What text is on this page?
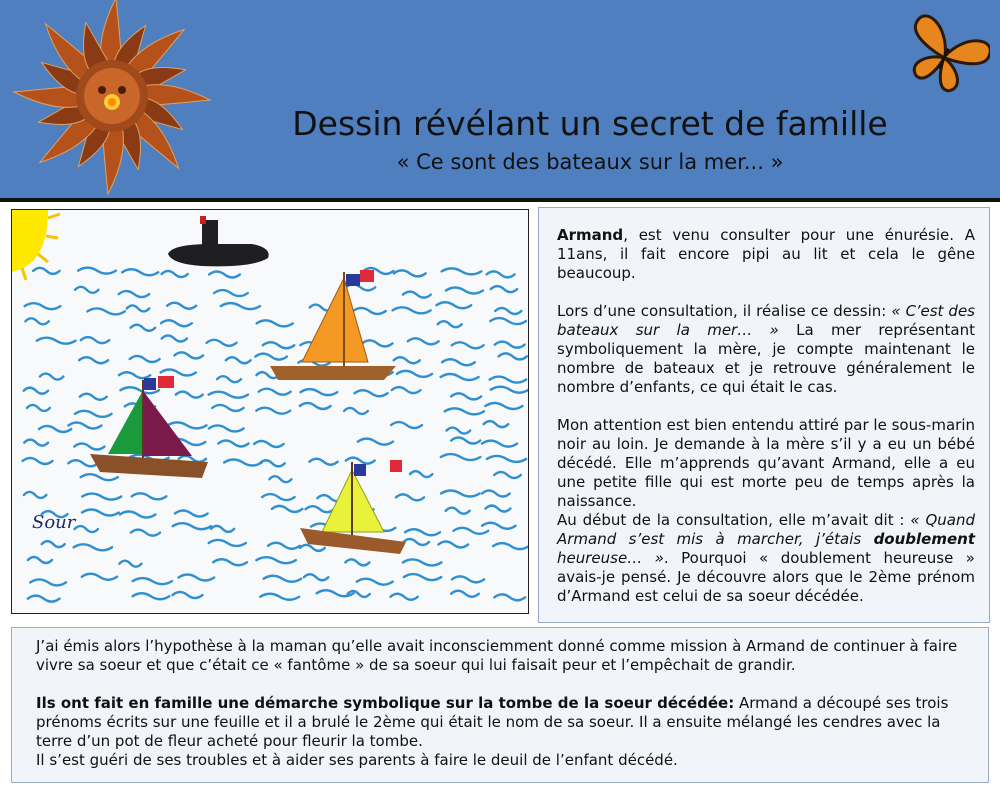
Dessin révélant un secret de famille
« Ce sont des bateaux sur la mer... »
Sour

Armand, est venu consulter pour une énurésie. A 11ans, il fait encore pipi au lit et cela le gêne beaucoup.

Lors d’une consultation, il réalise ce dessin: « C’est des bateaux sur la mer… » La mer représentant symboliquement la mère, je compte maintenant le nombre de bateaux et je retrouve généralement le nombre d’enfants, ce qui était le cas.

Mon attention est bien entendu attiré par le sous-marin noir au loin. Je demande à la mère s’il y a eu un bébé décédé. Elle m’apprends qu’avant Armand, elle a eu une petite fille qui est morte peu de temps après la naissance.

Au début de la consultation, elle m’avait dit : « Quand Armand s’est mis à marcher, j’étais doublement heureuse… ». Pourquoi « doublement heureuse » avais-je pensé. Je découvre alors que le 2ème prénom d’Armand est celui de sa soeur décédée.

J’ai émis alors l’hypothèse à la maman qu’elle avait inconsciemment donné comme mission à Armand de continuer à faire vivre sa soeur et que c’était ce « fantôme » de sa soeur qui lui faisait peur et l’empêchait de grandir.

Ils ont fait en famille une démarche symbolique sur la tombe de la soeur décédée: Armand a découpé ses trois prénoms écrits sur une feuille et il a brulé le 2ème qui était le nom de sa soeur. Il a ensuite mélangé les cendres avec la terre d’un pot de fleur acheté pour fleurir la tombe.

Il s’est guéri de ses troubles et à aider ses parents à faire le deuil de l’enfant décédé.
